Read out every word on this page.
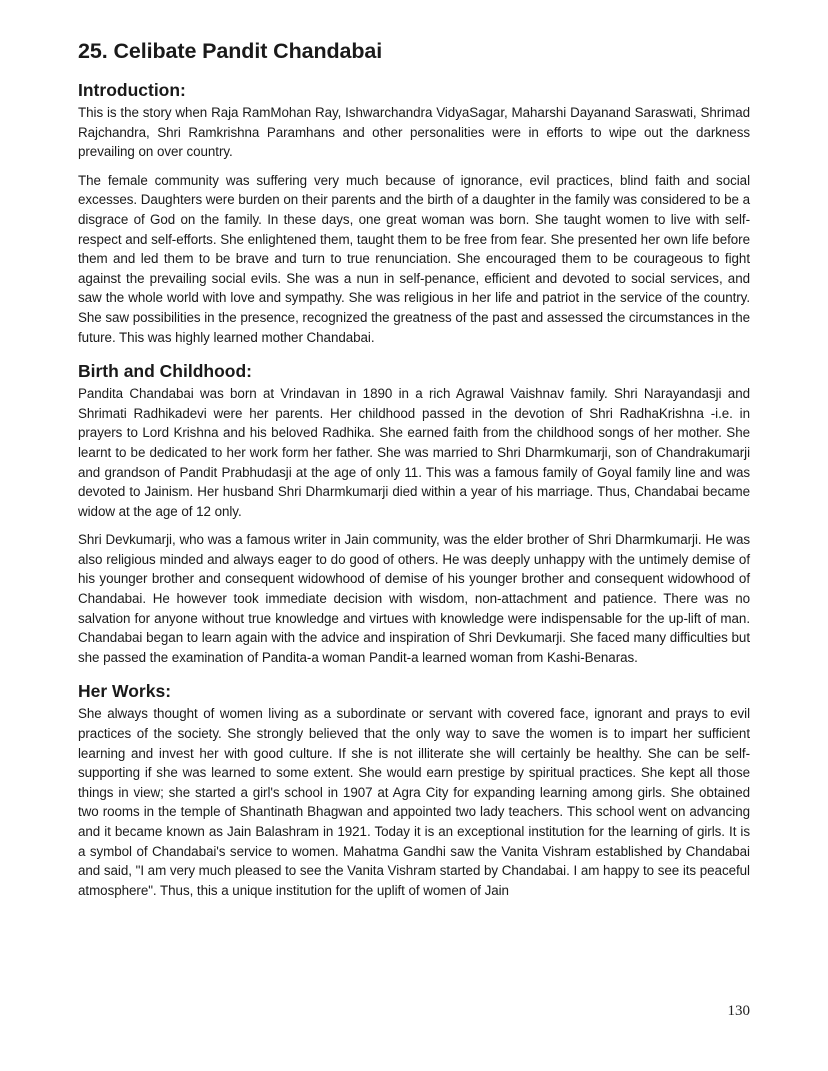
25. Celibate Pandit Chandabai
Introduction:

This is the story when Raja RamMohan Ray, Ishwarchandra VidyaSagar, Maharshi Dayanand Saraswati, Shrimad Rajchandra, Shri Ramkrishna Paramhans and other personalities were in efforts to wipe out the darkness prevailing on over country.

The female community was suffering very much because of ignorance, evil practices, blind faith and social excesses. Daughters were burden on their parents and the birth of a daughter in the family was considered to be a disgrace of God on the family. In these days, one great woman was born. She taught women to live with self-respect and self-efforts. She enlightened them, taught them to be free from fear. She presented her own life before them and led them to be brave and turn to true renunciation. She encouraged them to be courageous to fight against the prevailing social evils. She was a nun in self-penance, efficient and devoted to social services, and saw the whole world with love and sympathy. She was religious in her life and patriot in the service of the country. She saw possibilities in the presence, recognized the greatness of the past and assessed the circumstances in the future. This was highly learned mother Chandabai.

Birth and Childhood:

Pandita Chandabai was born at Vrindavan in 1890 in a rich Agrawal Vaishnav family. Shri Narayandasji and Shrimati Radhikadevi were her parents. Her childhood passed in the devotion of Shri RadhaKrishna -i.e. in prayers to Lord Krishna and his beloved Radhika. She earned faith from the childhood songs of her mother. She learnt to be dedicated to her work form her father. She was married to Shri Dharmkumarji, son of Chandrakumarji and grandson of Pandit Prabhudasji at the age of only 11. This was a famous family of Goyal family line and was devoted to Jainism. Her husband Shri Dharmkumarji died within a year of his marriage. Thus, Chandabai became widow at the age of 12 only.

Shri Devkumarji, who was a famous writer in Jain community, was the elder brother of Shri Dharmkumarji. He was also religious minded and always eager to do good of others. He was deeply unhappy with the untimely demise of his younger brother and consequent widowhood of demise of his younger brother and consequent widowhood of Chandabai. He however took immediate decision with wisdom, non-attachment and patience. There was no salvation for anyone without true knowledge and virtues with knowledge were indispensable for the up-lift of man. Chandabai began to learn again with the advice and inspiration of Shri Devkumarji. She faced many difficulties but she passed the examination of Pandita-a woman Pandit-a learned woman from Kashi-Benaras.

Her Works:

She always thought of women living as a subordinate or servant with covered face, ignorant and prays to evil practices of the society. She strongly believed that the only way to save the women is to impart her sufficient learning and invest her with good culture. If she is not illiterate she will certainly be healthy. She can be self-supporting if she was learned to some extent. She would earn prestige by spiritual practices. She kept all those things in view; she started a girl's school in 1907 at Agra City for expanding learning among girls. She obtained two rooms in the temple of Shantinath Bhagwan and appointed two lady teachers. This school went on advancing and it became known as Jain Balashram in 1921. Today it is an exceptional institution for the learning of girls. It is a symbol of Chandabai's service to women. Mahatma Gandhi saw the Vanita Vishram established by Chandabai and said, "I am very much pleased to see the Vanita Vishram started by Chandabai. I am happy to see its peaceful atmosphere". Thus, this a unique institution for the uplift of women of Jain

130
